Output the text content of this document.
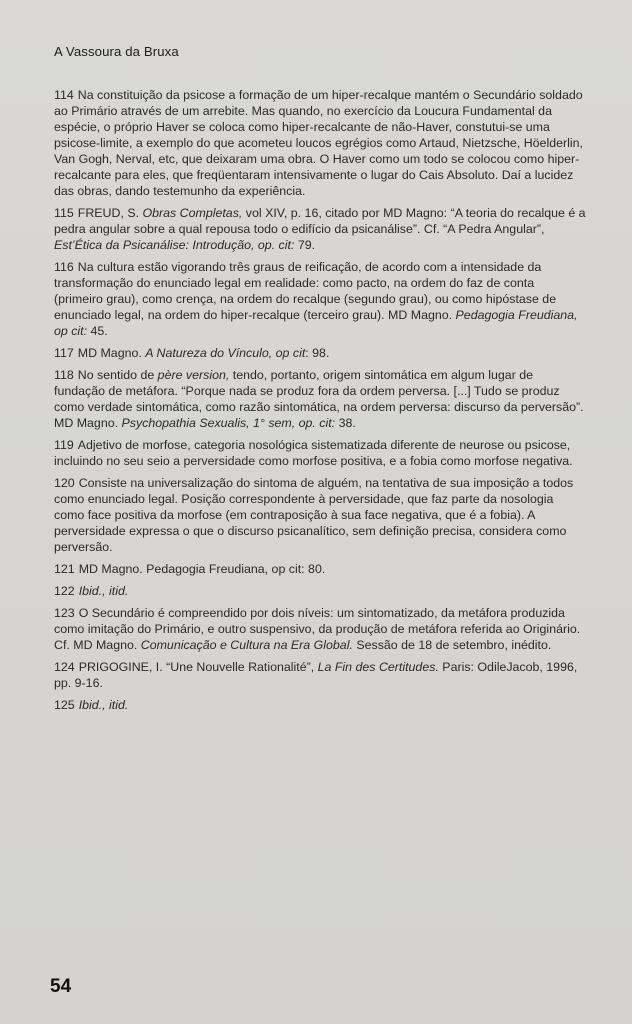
A Vassoura da Bruxa

114 Na constituição da psicose a formação de um hiper-recalque mantém o Secundário soldado ao Primário através de um arrebite. Mas quando, no exercício da Loucura Fundamental da espécie, o próprio Haver se coloca como hiper-recalcante de não-Haver, constutui-se uma psicose-limite, a exemplo do que acometeu loucos egrégios como Artaud, Nietzsche, Höelderlin, Van Gogh, Nerval, etc, que deixaram uma obra. O Haver como um todo se colocou como hiper-recalcante para eles, que freqüentaram intensivamente o lugar do Cais Absoluto. Daí a lucidez das obras, dando testemunho da experiência.

115 FREUD, S. Obras Completas, vol XIV, p. 16, citado por MD Magno: “A teoria do recalque é a pedra angular sobre a qual repousa todo o edifício da psicanálise”. Cf. “A Pedra Angular”, Est’Ética da Psicanálise: Introdução, op. cit: 79.

116 Na cultura estão vigorando três graus de reificação, de acordo com a intensidade da transformação do enunciado legal em realidade: como pacto, na ordem do faz de conta (primeiro grau), como crença, na ordem do recalque (segundo grau), ou como hipóstase de enunciado legal, na ordem do hiper-recalque (terceiro grau). MD Magno. Pedagogia Freudiana, op cit: 45.

117 MD Magno. A Natureza do Vínculo, op cit: 98.

118 No sentido de père version, tendo, portanto, origem sintomática em algum lugar de fundação de metáfora. “Porque nada se produz fora da ordem perversa. [...] Tudo se produz como verdade sintomática, como razão sintomática, na ordem perversa: discurso da perversão”. MD Magno. Psychopathia Sexualis, 1° sem, op. cit: 38.

119 Adjetivo de morfose, categoria nosológica sistematizada diferente de neurose ou psicose, incluindo no seu seio a perversidade como morfose positiva, e a fobia como morfose negativa.

120 Consiste na universalização do sintoma de alguém, na tentativa de sua imposição a todos como enunciado legal. Posição correspondente à perversidade, que faz parte da nosologia como face positiva da morfose (em contraposição à sua face negativa, que é a fobia). A perversidade expressa o que o discurso psicanalítico, sem definição precisa, considera como perversão.

121 MD Magno. Pedagogia Freudiana, op cit: 80.

122 Ibid., itid.

123 O Secundário é compreendido por dois níveis: um sintomatizado, da metáfora produzida como imitação do Primário, e outro suspensivo, da produção de metáfora referida ao Originário. Cf. MD Magno. Comunicação e Cultura na Era Global. Sessão de 18 de setembro, inédito.

124 PRIGOGINE, I. “Une Nouvelle Rationalité”, La Fin des Certitudes. Paris: OdileJacob, 1996, pp. 9-16.

125 Ibid., itid.

54
